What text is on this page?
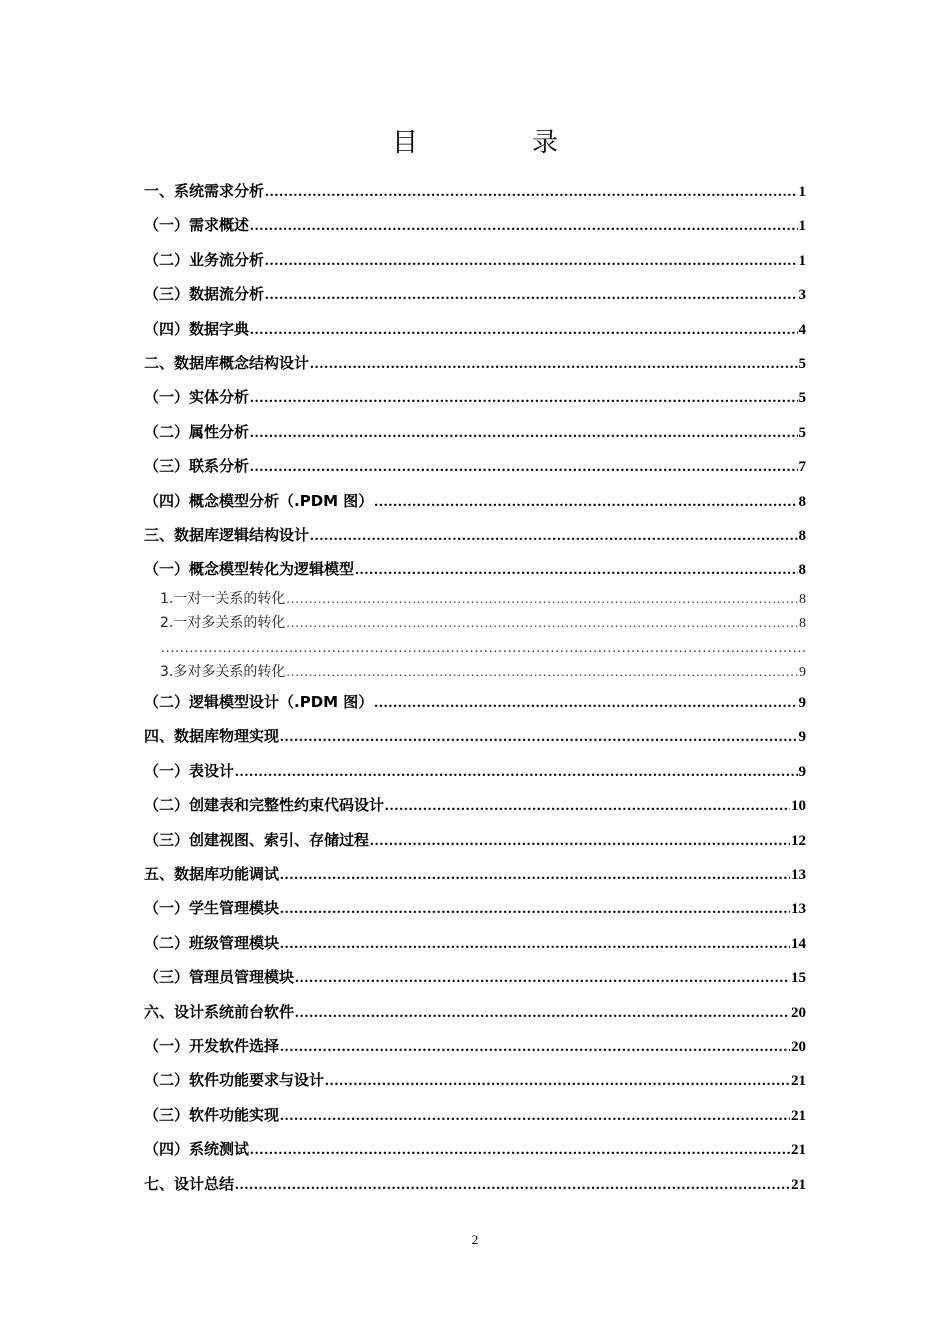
目　录
一、系统需求分析 .....	1
（一）需求概述 .....	1
（二）业务流分析 .....	1
（三）数据流分析 .....	3
（四）数据字典 .....	4
二、数据库概念结构设计 .....	5
（一）实体分析 .....	5
（二）属性分析 .....	5
（三）联系分析 .....	7
（四）概念模型分析（.PDM 图） .....	8
三、数据库逻辑结构设计 .....	8
（一）概念模型转化为逻辑模型 .....	8
1.一对一关系的转化 .....	8
2.一对多关系的转化 .....	8
.....
3.多对多关系的转化 .....	9
（二）逻辑模型设计（.PDM 图） .....	9
四、数据库物理实现 .....	9
（一）表设计 .....	9
（二）创建表和完整性约束代码设计 .....	10
（三）创建视图、索引、存储过程 .....	12
五、数据库功能调试 .....	13
（一）学生管理模块 .....	13
（二）班级管理模块 .....	14
（三）管理员管理模块 .....	15
六、设计系统前台软件 .....	20
（一）开发软件选择 .....	20
（二）软件功能要求与设计 .....	21
（三）软件功能实现 .....	21
（四）系统测试 .....	21
七、设计总结 .....	21
2
